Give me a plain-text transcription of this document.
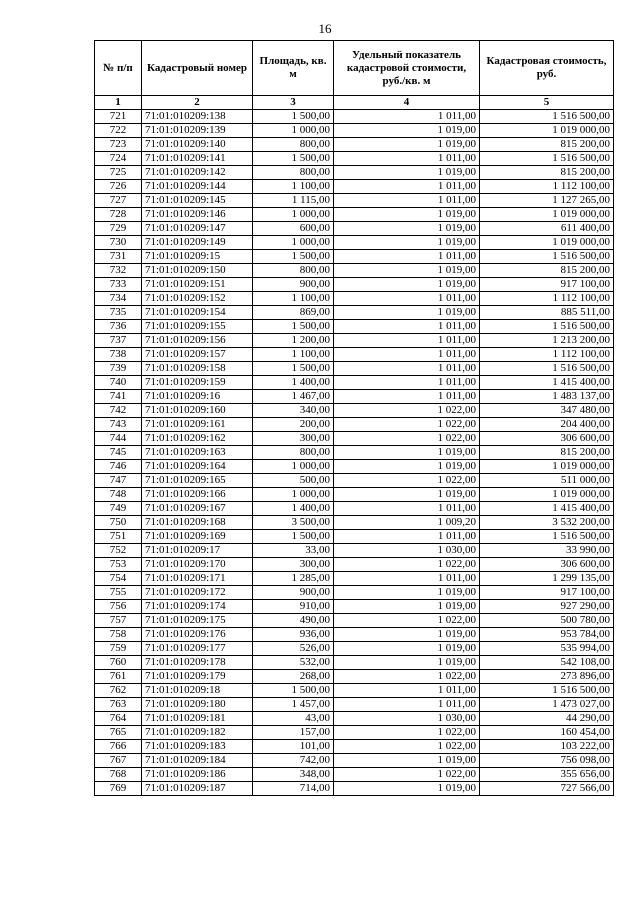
16
№ п/п	Кадастровый номер	Площадь, кв. м	Удельный показатель кадастровой стоимости, руб./кв. м	Кадастровая стоимость, руб.
1	2	3	4	5
721	71:01:010209:138	1 500,00	1 011,00	1 516 500,00
722	71:01:010209:139	1 000,00	1 019,00	1 019 000,00
723	71:01:010209:140	800,00	1 019,00	815 200,00
724	71:01:010209:141	1 500,00	1 011,00	1 516 500,00
725	71:01:010209:142	800,00	1 019,00	815 200,00
726	71:01:010209:144	1 100,00	1 011,00	1 112 100,00
727	71:01:010209:145	1 115,00	1 011,00	1 127 265,00
728	71:01:010209:146	1 000,00	1 019,00	1 019 000,00
729	71:01:010209:147	600,00	1 019,00	611 400,00
730	71:01:010209:149	1 000,00	1 019,00	1 019 000,00
731	71:01:010209:15	1 500,00	1 011,00	1 516 500,00
732	71:01:010209:150	800,00	1 019,00	815 200,00
733	71:01:010209:151	900,00	1 019,00	917 100,00
734	71:01:010209:152	1 100,00	1 011,00	1 112 100,00
735	71:01:010209:154	869,00	1 019,00	885 511,00
736	71:01:010209:155	1 500,00	1 011,00	1 516 500,00
737	71:01:010209:156	1 200,00	1 011,00	1 213 200,00
738	71:01:010209:157	1 100,00	1 011,00	1 112 100,00
739	71:01:010209:158	1 500,00	1 011,00	1 516 500,00
740	71:01:010209:159	1 400,00	1 011,00	1 415 400,00
741	71:01:010209:16	1 467,00	1 011,00	1 483 137,00
742	71:01:010209:160	340,00	1 022,00	347 480,00
743	71:01:010209:161	200,00	1 022,00	204 400,00
744	71:01:010209:162	300,00	1 022,00	306 600,00
745	71:01:010209:163	800,00	1 019,00	815 200,00
746	71:01:010209:164	1 000,00	1 019,00	1 019 000,00
747	71:01:010209:165	500,00	1 022,00	511 000,00
748	71:01:010209:166	1 000,00	1 019,00	1 019 000,00
749	71:01:010209:167	1 400,00	1 011,00	1 415 400,00
750	71:01:010209:168	3 500,00	1 009,20	3 532 200,00
751	71:01:010209:169	1 500,00	1 011,00	1 516 500,00
752	71:01:010209:17	33,00	1 030,00	33 990,00
753	71:01:010209:170	300,00	1 022,00	306 600,00
754	71:01:010209:171	1 285,00	1 011,00	1 299 135,00
755	71:01:010209:172	900,00	1 019,00	917 100,00
756	71:01:010209:174	910,00	1 019,00	927 290,00
757	71:01:010209:175	490,00	1 022,00	500 780,00
758	71:01:010209:176	936,00	1 019,00	953 784,00
759	71:01:010209:177	526,00	1 019,00	535 994,00
760	71:01:010209:178	532,00	1 019,00	542 108,00
761	71:01:010209:179	268,00	1 022,00	273 896,00
762	71:01:010209:18	1 500,00	1 011,00	1 516 500,00
763	71:01:010209:180	1 457,00	1 011,00	1 473 027,00
764	71:01:010209:181	43,00	1 030,00	44 290,00
765	71:01:010209:182	157,00	1 022,00	160 454,00
766	71:01:010209:183	101,00	1 022,00	103 222,00
767	71:01:010209:184	742,00	1 019,00	756 098,00
768	71:01:010209:186	348,00	1 022,00	355 656,00
769	71:01:010209:187	714,00	1 019,00	727 566,00
